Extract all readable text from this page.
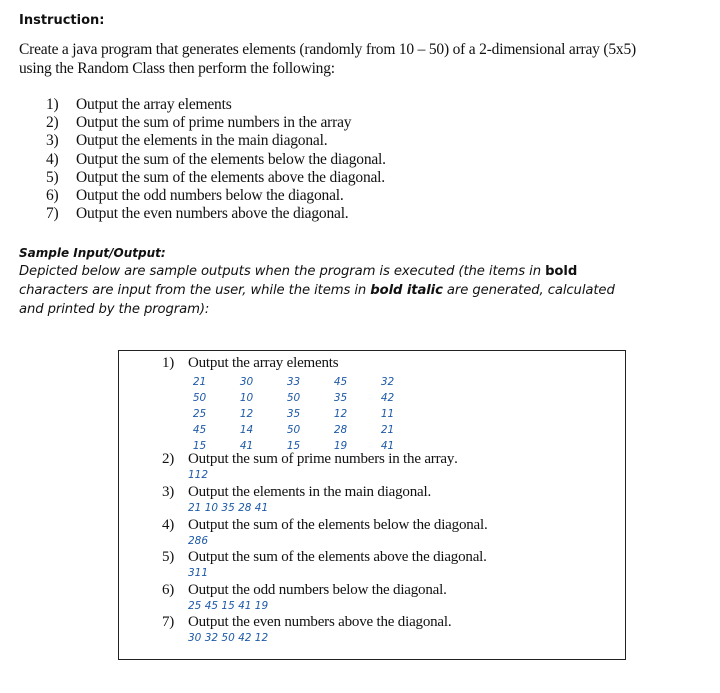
Instruction:
Create a java program that generates elements (randomly from 10 – 50) of a 2-dimensional array (5x5) using the Random Class then perform the following:
1)	Output the array elements
2)	Output the sum of prime numbers in the array
3)	Output the elements in the main diagonal.
4)	Output the sum of the elements below the diagonal.
5)	Output the sum of the elements above the diagonal.
6)	Output the odd numbers below the diagonal.
7)	Output the even numbers above the diagonal.
Sample Input/Output:
Depicted below are sample outputs when the program is executed (the items in bold characters are input from the user, while the items in bold italic are generated, calculated and printed by the program):
1) Output the array elements
21	30	33	45	32
50	10	50	35	42
25	12	35	12	11
45	14	50	28	21
15	41	15	19	41
2) Output the sum of prime numbers in the array .
112
3) Output the elements in the main diagonal.
21 10 35 28 41
4) Output the sum of the elements below the diagonal.
286
5) Output the sum of the elements above the diagonal.
311
6) Output the odd numbers below the diagonal.
25 45 15 41 19
7) Output the even numbers above the diagonal.
30 32 50 42 12
